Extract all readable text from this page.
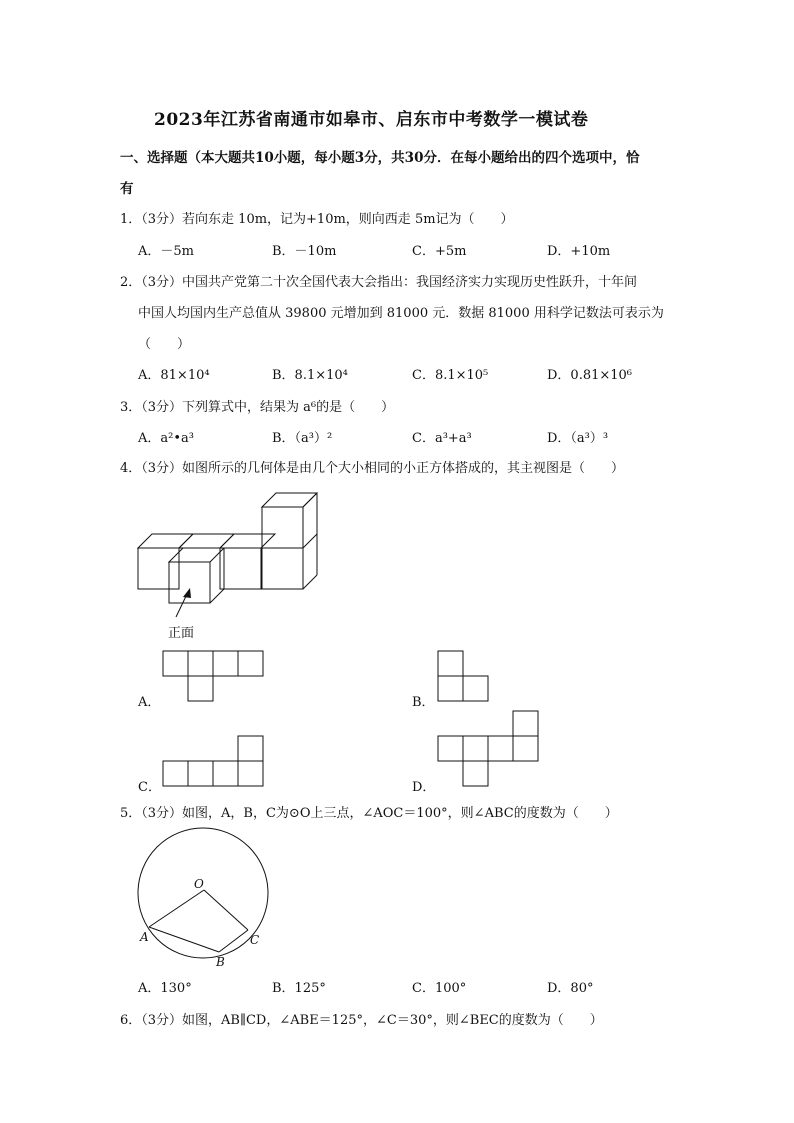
2023年江苏省南通市如皋市、启东市中考数学一模试卷
一、选择题（本大题共10小题，每小题3分，共30分．在每小题给出的四个选项中，恰
有
1．（3分）若向东走 10m，记为+10m，则向西走 5m记为（　　）
A．－5m	B．－10m	C．+5m	D．+10m
2．（3分）中国共产党第二十次全国代表大会指出：我国经济实力实现历史性跃升，十年间
中国人均国内生产总值从 39800 元增加到 81000 元．数据 81000 用科学记数法可表示为
（　　）
A．81×10⁴	B．8.1×10⁴	C．8.1×10⁵	D．0.81×10⁶
3．（3分）下列算式中，结果为 a⁶的是（　　）
A．a²•a³	B．（a³）²	C．a³+a³	D．（a³）³
4．（3分）如图所示的几何体是由几个大小相同的小正方体搭成的，其主视图是（　　）
正面
A．	B．
C．	D．
5．（3分）如图，A，B，C为⊙O上三点，∠AOC＝100°，则∠ABC的度数为（　　）
O
A
B
C
A．130°	B．125°	C．100°	D．80°
6．（3分）如图，AB∥CD，∠ABE＝125°，∠C＝30°，则∠BEC的度数为（　　）
